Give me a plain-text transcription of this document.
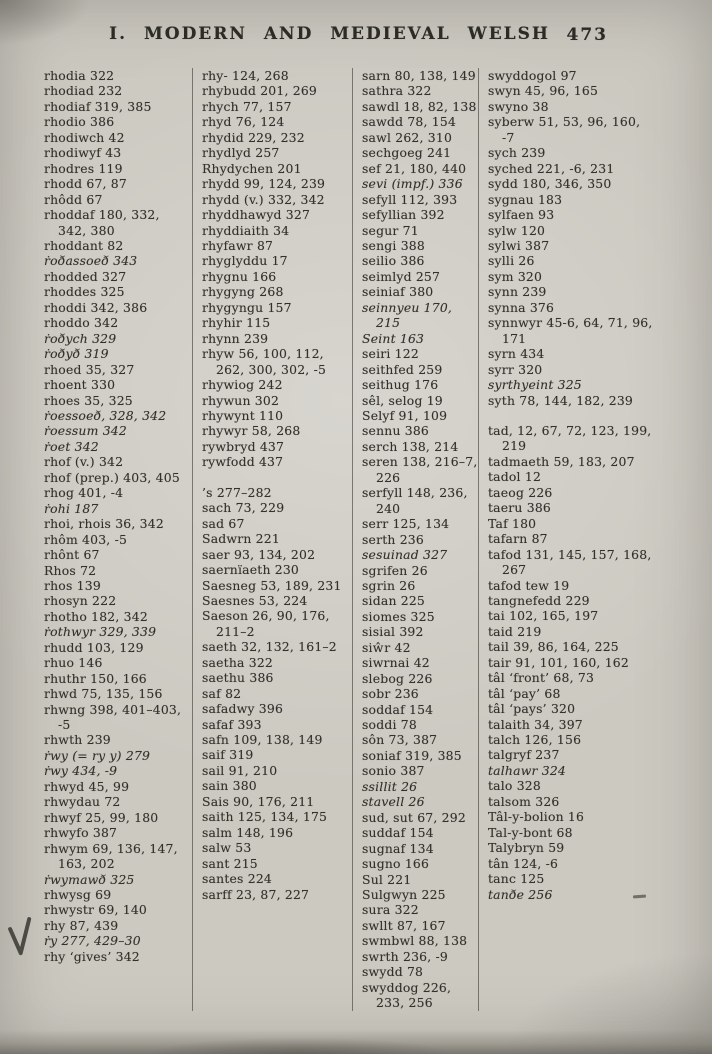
I. MODERN AND MEDIEVAL WELSH 473
rhodia 322
rhodiad 232
rhodiaf 319, 385
rhodio 386
rhodiwch 42
rhodiwyf 43
rhodres 119
rhodd 67, 87
rhôdd 67
rhoddaf 180, 332, 342, 380
rhoddant 82
ṙoðassoeð 343
rhodded 327
rhoddes 325
rhoddi 342, 386
rhoddo 342
ṙoðych 329
ṙoðyð 319
rhoed 35, 327
rhoent 330
rhoes 35, 325
ṙoessoeð, 328, 342
ṙoessum 342
ṙoet 342
rhof (v.) 342
rhof (prep.) 403, 405
rhog 401, -4
ṙohi 187
rhoi, rhois 36, 342
rhôm 403, -5
rhônt 67
Rhos 72
rhos 139
rhosyn 222
rhotho 182, 342
ṙothwyr 329, 339
rhudd 103, 129
rhuo 146
rhuthr 150, 166
rhwd 75, 135, 156
rhwng 398, 401–403, -5
rhwth 239
ṙwy (= ry y) 279
ṙwy 434, -9
rhwyd 45, 99
rhwydau 72
rhwyf 25, 99, 180
rhwyfo 387
rhwym 69, 136, 147, 163, 202
ṙwymawð 325
rhwysg 69
rhwystr 69, 140
rhy 87, 439
ṙy 277, 429–30
rhy ‘gives’ 342
rhy- 124, 268
rhybudd 201, 269
rhych 77, 157
rhyd 76, 124
rhydid 229, 232
rhydlyd 257
Rhydychen 201
rhydd 99, 124, 239
rhydd (v.) 332, 342
rhyddhawyd 327
rhyddiaith 34
rhyfawr 87
rhyglyddu 17
rhygnu 166
rhygyng 268
rhygyngu 157
rhyhir 115
rhynn 239
rhyw 56, 100, 112, 262, 300, 302, -5
rhywiog 242
rhywun 302
rhywynt 110
rhywyr 58, 268
rywbryd 437
rywfodd 437
’s 277–282
sach 73, 229
sad 67
Sadwrn 221
saer 93, 134, 202
saernïaeth 230
Saesneg 53, 189, 231
Saesnes 53, 224
Saeson 26, 90, 176, 211–2
saeth 32, 132, 161–2
saetha 322
saethu 386
saf 82
safadwy 396
safaf 393
safn 109, 138, 149
saif 319
sail 91, 210
sain 380
Sais 90, 176, 211
saith 125, 134, 175
salm 148, 196
salw 53
sant 215
santes 224
sarff 23, 87, 227
sarn 80, 138, 149
sathra 322
sawdl 18, 82, 138
sawdd 78, 154
sawl 262, 310
sechgoeg 241
sef 21, 180, 440
sevi (impf.) 336
sefyll 112, 393
sefyllian 392
segur 71
sengi 388
seilio 386
seimlyd 257
seiniaf 380
seinnyeu 170, 215
Seint 163
seiri 122
seithfed 259
seithug 176
sêl, selog 19
Selyf 91, 109
sennu 386
serch 138, 214
seren 138, 216–7, 226
serfyll 148, 236, 240
serr 125, 134
serth 236
sesuinad 327
sgrifen 26
sgrin 26
sidan 225
siomes 325
sisial 392
siŵr 42
siwrnai 42
slebog 226
sobr 236
soddaf 154
soddi 78
sôn 73, 387
soniaf 319, 385
sonio 387
ssillit 26
stavell 26
sud, sut 67, 292
suddaf 154
sugnaf 134
sugno 166
Sul 221
Sulgwyn 225
sura 322
swllt 87, 167
swmbwl 88, 138
swrth 236, -9
swydd 78
swyddog 226, 233, 256
swyddogol 97
swyn 45, 96, 165
swyno 38
syberw 51, 53, 96, 160, -7
sych 239
syched 221, -6, 231
sydd 180, 346, 350
sygnau 183
sylfaen 93
sylw 120
sylwi 387
sylli 26
sym 320
synn 239
synna 376
synnwyr 45-6, 64, 71, 96, 171
syrn 434
syrr 320
syrthyeint 325
syth 78, 144, 182, 239
tad, 12, 67, 72, 123, 199, 219
tadmaeth 59, 183, 207
tadol 12
taeog 226
taeru 386
Taf 180
tafarn 87
tafod 131, 145, 157, 168, 267
tafod tew 19
tangnefedd 229
tai 102, 165, 197
taid 219
tail 39, 86, 164, 225
tair 91, 101, 160, 162
tâl ‘front’ 68, 73
tâl ‘pay’ 68
tâl ‘pays’ 320
talaith 34, 397
talch 126, 156
talgryf 237
talhawr 324
talo 328
talsom 326
Tâl-y-bolion 16
Tal-y-bont 68
Talybryn 59
tân 124, -6
tanc 125
tanðe 256
